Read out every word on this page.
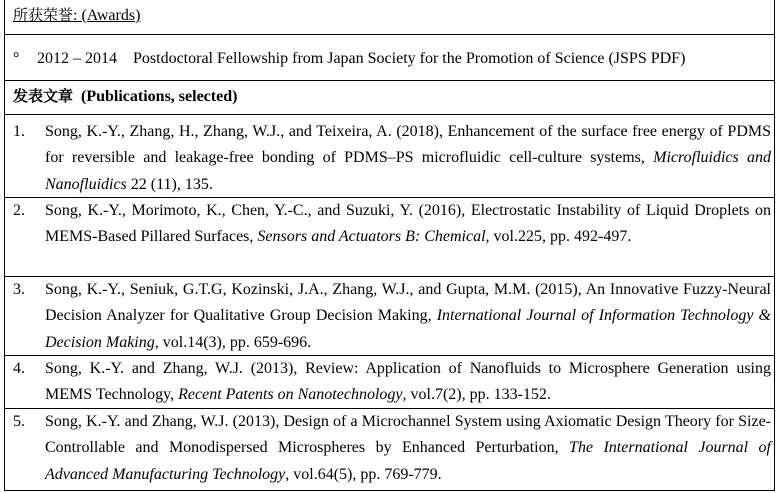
所获荣誉: (Awards)
° 2012 – 2014 Postdoctoral Fellowship from Japan Society for the Promotion of Science (JSPS PDF)
发表文章 (Publications, selected)
1. Song, K.‐Y., Zhang, H., Zhang, W.J., and Teixeira, A. (2018), Enhancement of the surface free energy of PDMS for reversible and leakage-free bonding of PDMS–PS microfluidic cell-culture systems, Microfluidics and Nanofluidics 22 (11), 135.
2. Song, K.‐Y., Morimoto, K., Chen, Y.-C., and Suzuki, Y. (2016), Electrostatic Instability of Liquid Droplets on MEMS-Based Pillared Surfaces, Sensors and Actuators B: Chemical, vol.225, pp. 492-497.
3. Song, K.‐Y., Seniuk, G.T.G, Kozinski, J.A., Zhang, W.J., and Gupta, M.M. (2015), An Innovative Fuzzy-Neural Decision Analyzer for Qualitative Group Decision Making, International Journal of Information Technology & Decision Making, vol.14(3), pp. 659-696.
4. Song, K.‐Y. and Zhang, W.J. (2013), Review: Application of Nanofluids to Microsphere Generation using MEMS Technology, Recent Patents on Nanotechnology, vol.7(2), pp. 133-152.
5. Song, K.‐Y. and Zhang, W.J. (2013), Design of a Microchannel System using Axiomatic Design Theory for Size‐Controllable and Monodispersed Microspheres by Enhanced Perturbation, The International Journal of Advanced Manufacturing Technology, vol.64(5), pp. 769-779.
